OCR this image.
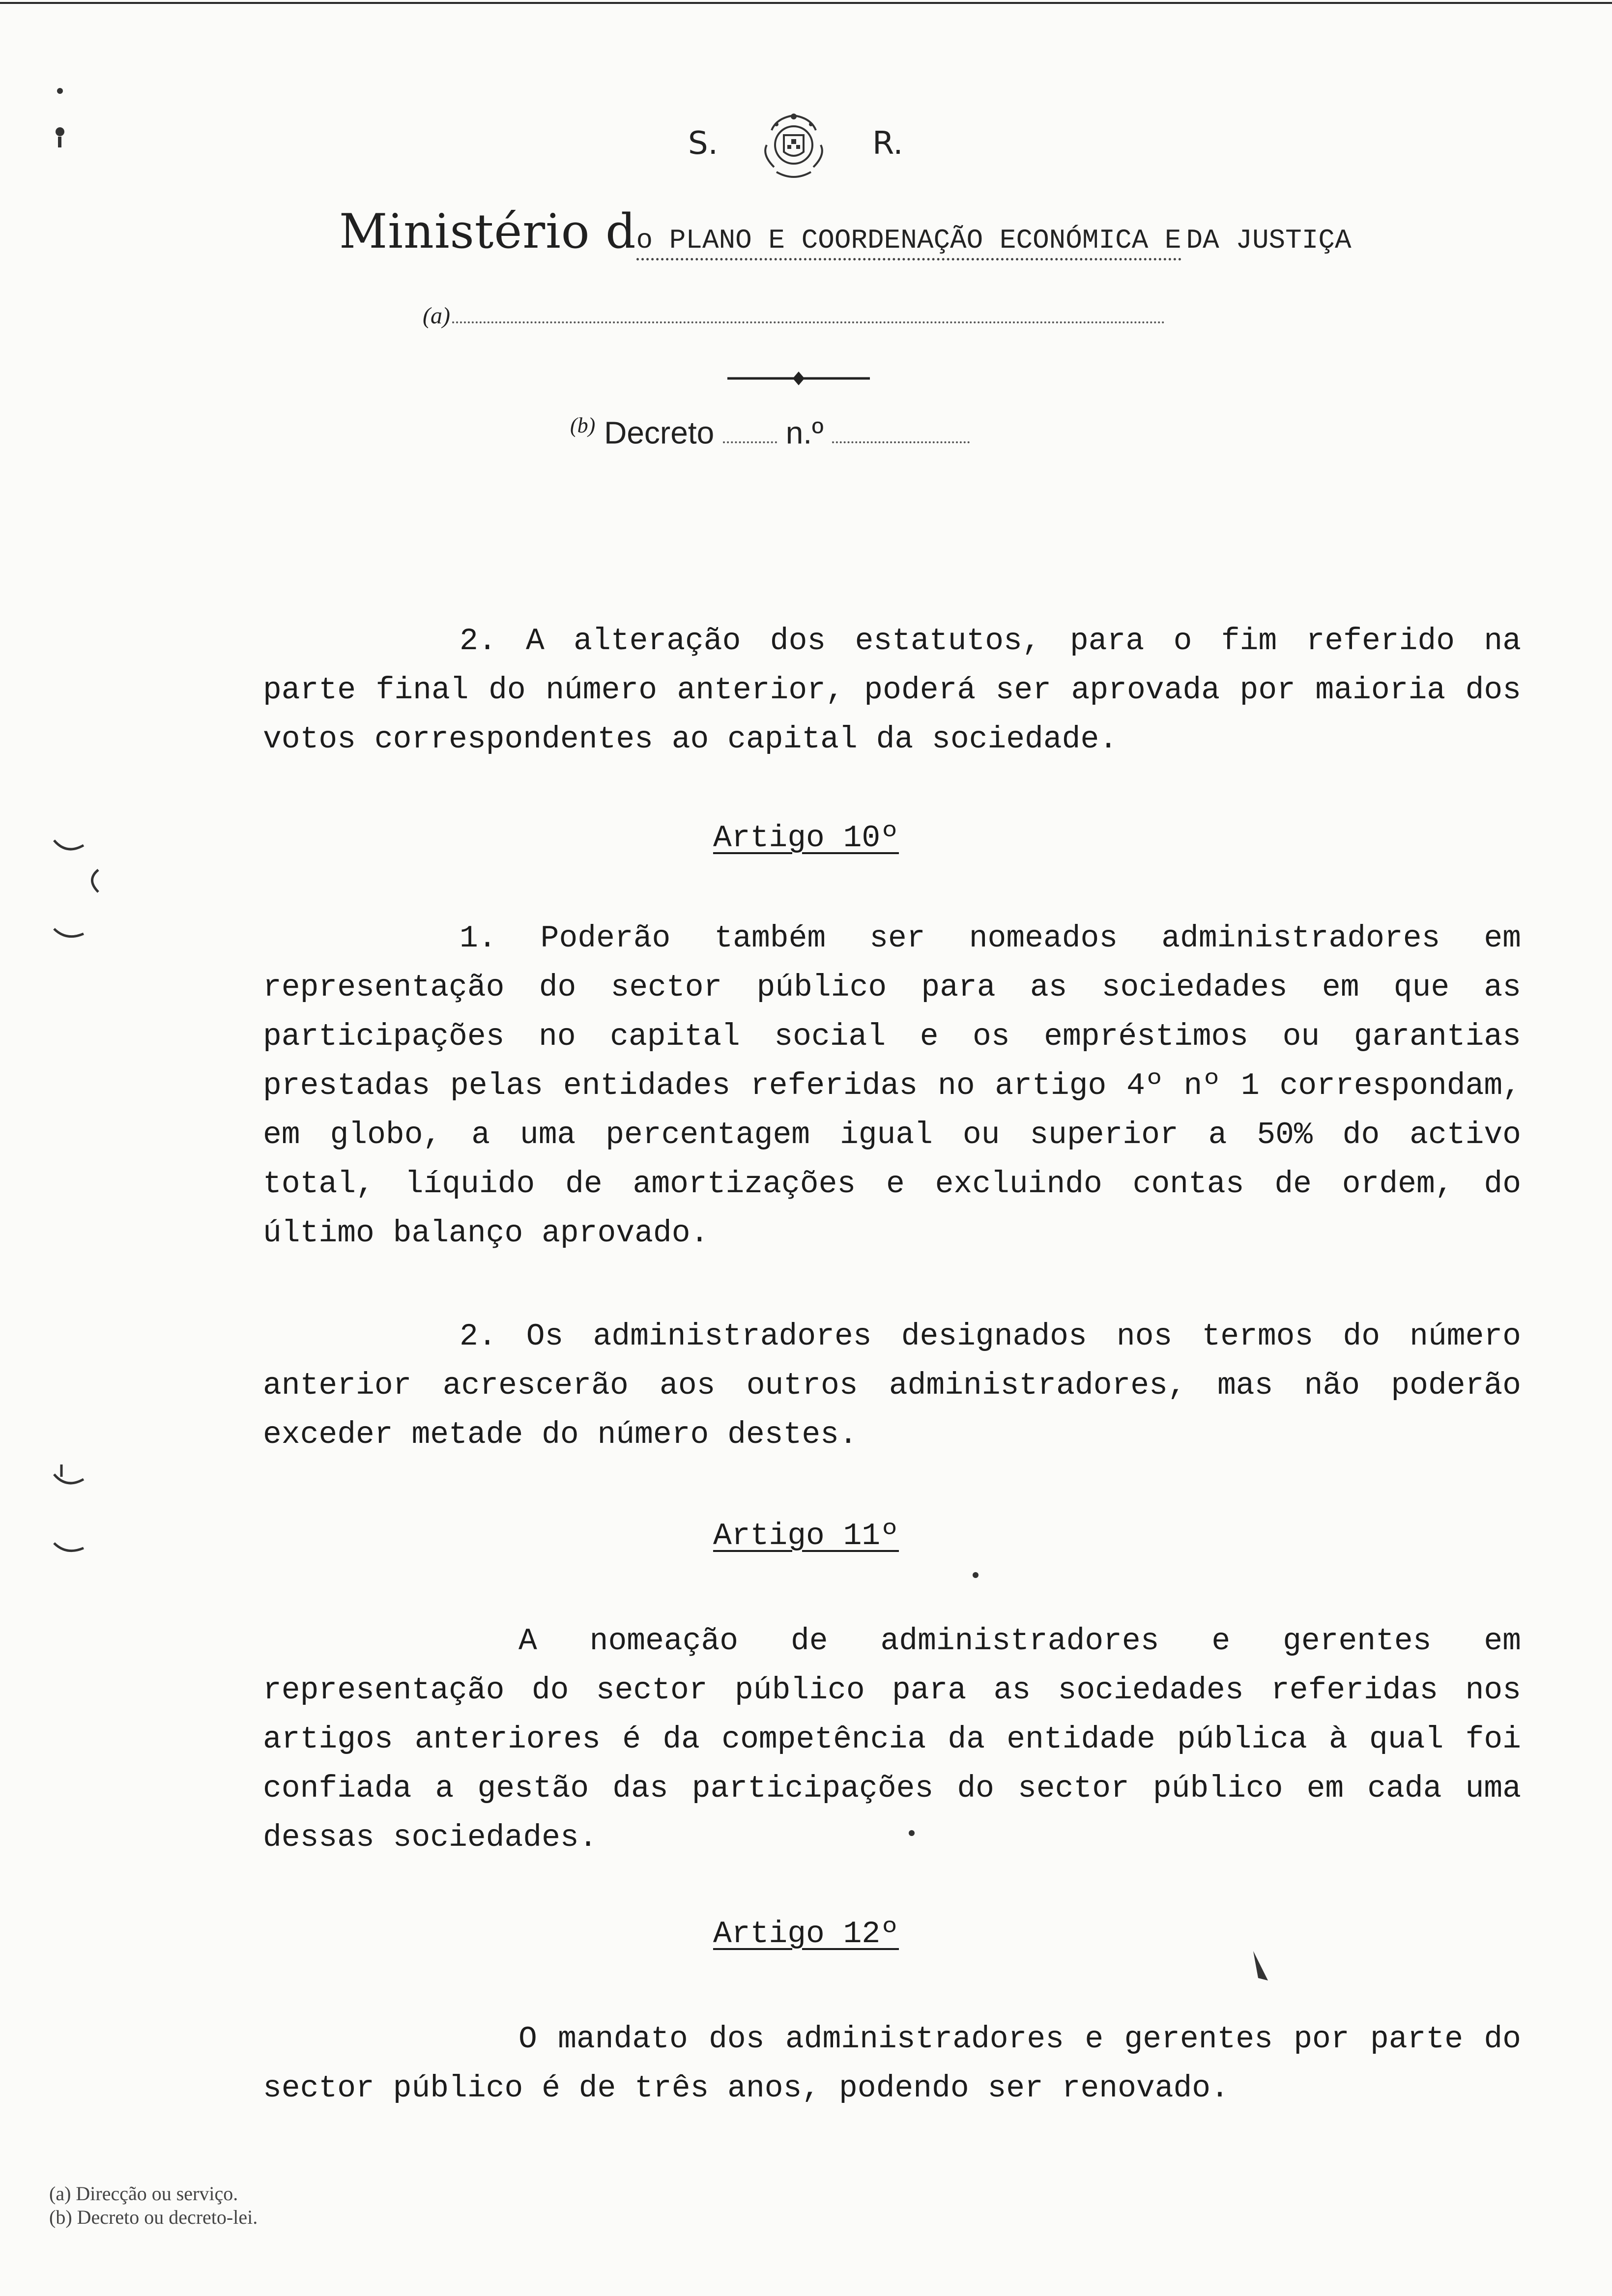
S.	R.
Ministério do PLANO E COORDENAÇÃO ECONÓMICA E DA JUSTIÇA
(a)
$^{(b)}$ Decreto n.º

2. A alteração dos estatutos, para o fim referido na parte final do número anterior, poderá ser aprovada por maioria dos votos correspondentes ao capital da sociedade.

Artigo 10º

1. Poderão também ser nomeados administradores em representação do sector público para as sociedades em que as participações no capital social e os empréstimos ou garantias prestadas pelas entidades referidas no artigo 4º nº 1 correspondam, em globo, a uma percentagem igual ou superior a 50% do activo total, líquido de amortizações e excluindo contas de ordem, do último balanço aprovado.

2. Os administradores designados nos termos do número anterior acrescerão aos outros administradores, mas não poderão exceder metade do número destes.

Artigo 11º

A nomeação de administradores e gerentes em representação do sector público para as sociedades referidas nos artigos anteriores é da competência da entidade pública à qual foi confiada a gestão das participações do sector público em cada uma dessas sociedades.

Artigo 12º

O mandato dos administradores e gerentes por parte do sector público é de três anos, podendo ser renovado.

(a) Direcção ou serviço.
(b) Decreto ou decreto-lei.
